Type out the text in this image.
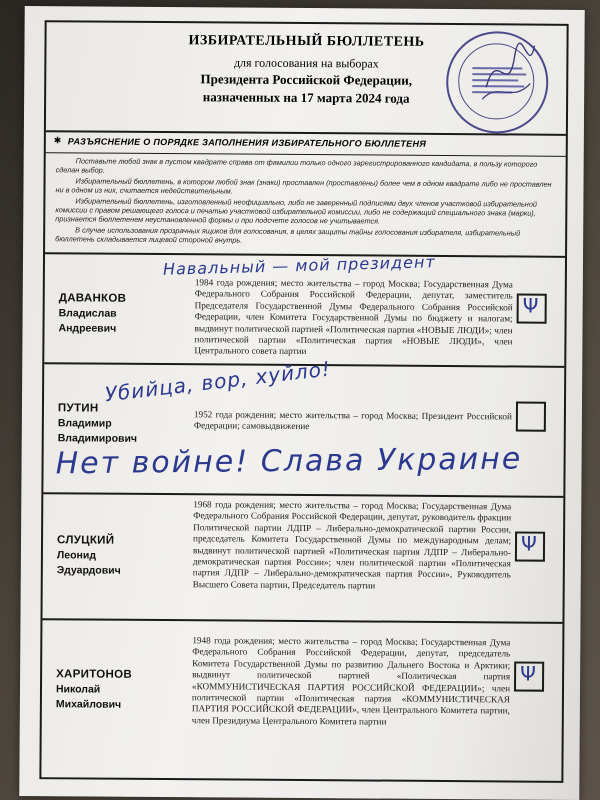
ИЗБИРАТЕЛЬНЫЙ БЮЛЛЕТЕНЬ
для голосования на выборах
Президента Российской Федерации,
назначенных на 17 марта 2024 года
✱ РАЗЪЯСНЕНИЕ О ПОРЯДКЕ ЗАПОЛНЕНИЯ ИЗБИРАТЕЛЬНОГО БЮЛЛЕТЕНЯ

Поставьте любой знак в пустом квадрате справа от фамилии только одного зарегистрированного кандидата, в пользу которого сделан выбор.

Избирательный бюллетень, в котором любой знак (знаки) проставлен (проставлены) более чем в одном квадрате либо не проставлен ни в одном из них, считается недействительным.

Избирательный бюллетень, изготовленный неофициально, либо не заверенный подписями двух членов участковой избирательной комиссии с правом решающего голоса и печатью участковой избирательной комиссии, либо не содержащий специального знака (марки), признается бюллетенем неустановленной формы и при подсчете голосов не учитывается.

В случае использования прозрачных ящиков для голосования, в целях защиты тайны голосования избирателя, избирательный бюллетень складывается лицевой стороной внутрь.

ДАВАНКОВ
Владислав
Андреевич
1984 года рождения; место жительства – город Москва; Государственная Дума Федерального Собрания Российской Федерации, депутат, заместитель Председателя Государственной Думы Федерального Собрания Российской Федерации, член Комитета Государственной Думы по бюджету и налогам; выдвинут политической партией «Политическая партия «НОВЫЕ ЛЮДИ»; член политической партии «Политическая партия «НОВЫЕ ЛЮДИ», член Центрального совета партии
Ψ
Навальный — мой президент
ПУТИН
Владимир
Владимирович
1952 года рождения; место жительства – город Москва; Президент Российской Федерации; самовыдвижение
Убийца, вор, хуйло!
Нет войне! Слава Украине
СЛУЦКИЙ
Леонид
Эдуардович
1968 года рождения; место жительства – город Москва; Государственная Дума Федерального Собрания Российской Федерации, депутат, руководитель фракции Политической партии ЛДПР – Либерально-демократической партии России, председатель Комитета Государственной Думы по международным делам; выдвинут политической партией «Политическая партия ЛДПР – Либерально-демократическая партия России»; член политической партии «Политическая партия ЛДПР – Либерально-демократическая партия России», Руководитель Высшего Совета партии, Председатель партии
Ψ
ХАРИТОНОВ
Николай
Михайлович
1948 года рождения; место жительства – город Москва; Государственная Дума Федерального Собрания Российской Федерации, депутат, председатель Комитета Государственной Думы по развитию Дальнего Востока и Арктики; выдвинут политической партией «Политическая партия «КОММУНИСТИЧЕСКАЯ ПАРТИЯ РОССИЙСКОЙ ФЕДЕРАЦИИ»; член политической партии «Политическая партия «КОММУНИСТИЧЕСКАЯ ПАРТИЯ РОССИЙСКОЙ ФЕДЕРАЦИИ», член Центрального Комитета партии, член Президиума Центрального Комитета партии
Ψ
